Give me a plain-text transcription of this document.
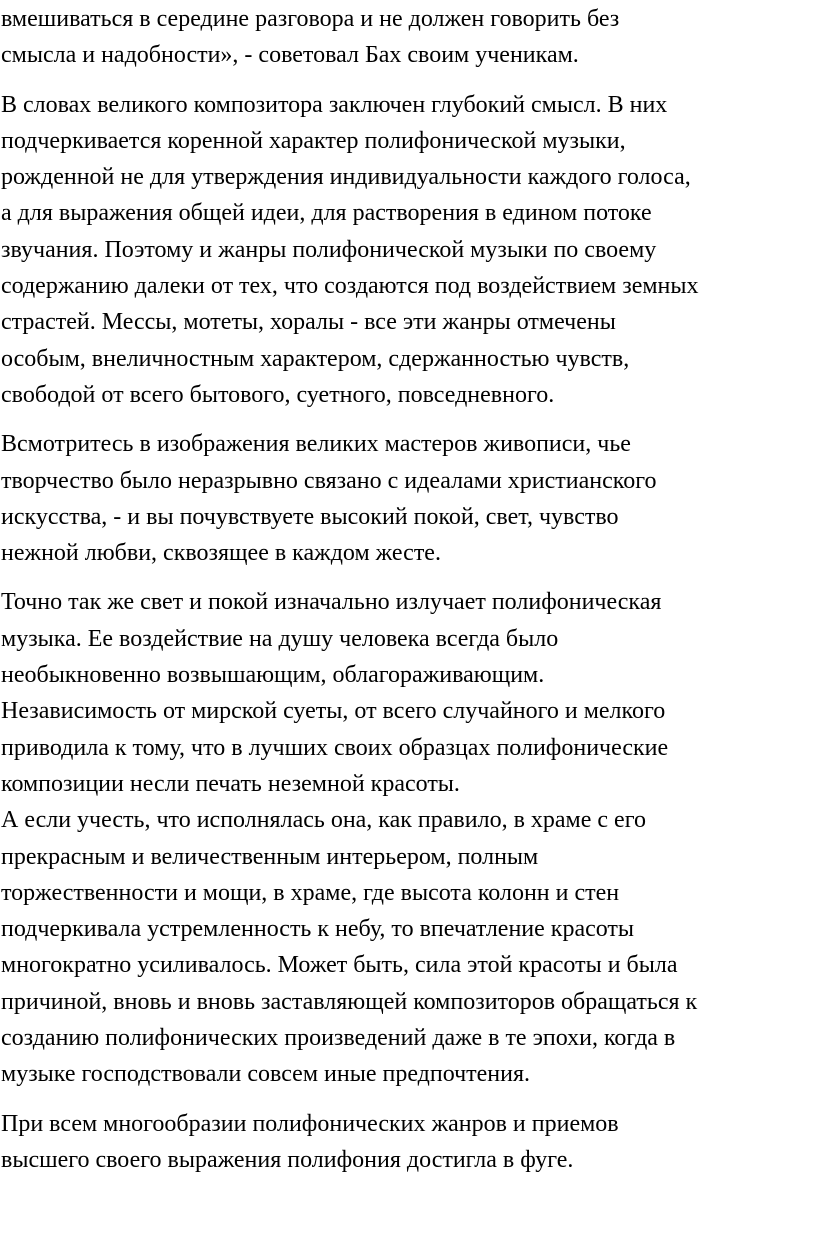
вмешиваться в середине разговора и не должен говорить без
смысла и надобности», - советовал Бах своим ученикам.

В словах великого композитора заключен глубокий смысл. В них
подчеркивается коренной характер полифонической музыки,
рожденной не для утверждения индивидуальности каждого голоса,
а для выражения общей идеи, для растворения в едином потоке
звучания. Поэтому и жанры полифонической музыки по своему
содержанию далеки от тех, что создаются под воздействием земных
страстей. Мессы, мотеты, хоралы - все эти жанры отмечены
особым, внеличностным характером, сдержанностью чувств,
свободой от всего бытового, суетного, повседневного.

Всмотритесь в изображения великих мастеров живописи, чье
творчество было неразрывно связано с идеалами христианского
искусства, - и вы почувствуете высокий покой, свет, чувство
нежной любви, сквозящее в каждом жесте.

Точно так же свет и покой изначально излучает полифоническая
музыка. Ее воздействие на душу человека всегда было
необыкновенно возвышающим, облагораживающим.
Независимость от мирской суеты, от всего случайного и мелкого
приводила к тому, что в лучших своих образцах полифонические
композиции несли печать неземной красоты.
А если учесть, что исполнялась она, как правило, в храме с его
прекрасным и величественным интерьером, полным
торжественности и мощи, в храме, где высота колонн и стен
подчеркивала устремленность к небу, то впечатление красоты
многократно усиливалось. Может быть, сила этой красоты и была
причиной, вновь и вновь заставляющей композиторов обращаться к
созданию полифонических произведений даже в те эпохи, когда в
музыке господствовали совсем иные предпочтения.

При всем многообразии полифонических жанров и приемов
высшего своего выражения полифония достигла в фуге.
